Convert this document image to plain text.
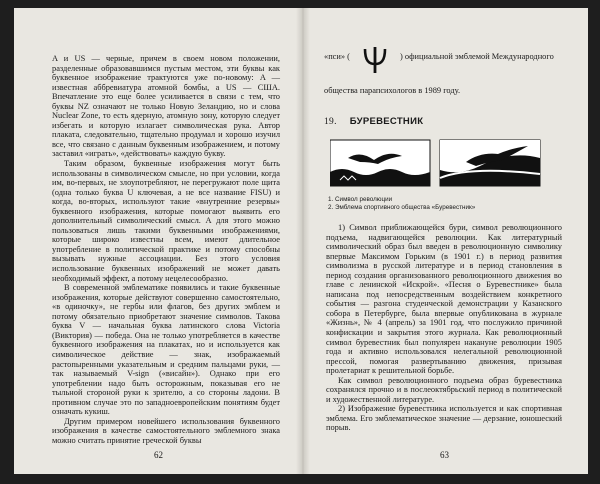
A и US — черные, причем в своем новом положении, разделенные образовавшимся пустым местом, эти буквы как буквенное изображение трактуются уже по-новому: A — известная аббревиатура атомной бомбы, a US — США. Впечатление это еще более усиливается в связи с тем, что буквы NZ означают не только Новую Зеландию, но и слова Nuclear Zone, то есть ядерную, атомную зону, которую следует избегать и которую излагает символическая рука. Автор плаката, следовательно, тщательно продумал и хорошо изучил все, что связано с данным буквенным изображением, и потому заставил «играть», «действовать» каждую букву.

Таким образом, буквенные изображения могут быть использованы в символическом смысле, но при условии, когда им, во-первых, не злоупотребляют, не перегружают поле щита (одна только буква U ключевая, а не все название FISU) и когда, во-вторых, используют такие «внутренние резервы» буквенного изображения, которые помогают выявить его дополнительный символический смысл. А для этого можно пользоваться лишь такими буквенными изображениями, которые широко известны всем, имеют длительное употребление в политической практике и потому способны вызывать нужные ассоциации. Без этого условия использование буквенных изображений не может давать необходимый эффект, а потому нецелесообразно.

В современной эмблематике появились и такие буквенные изображения, которые действуют совершенно самостоятельно, «в одиночку», не гербы или флагов, без других эмблем и потому обязательно приобретают значение символов. Такова буква V — начальная буква латинского слова Victoria (Виктория) — победа. Она не только употребляется в качестве буквенного изображения на плакатах, но и используется как символическое действие — знак, изображаемый растопыренными указательным и средним пальцами руки, — так называемый V-sign («висайн»). Однако при его употреблении надо быть осторожным, показывая его не тыльной стороной руки к зрителю, а со стороны ладони. В противном случае это по западноевропейским понятиям будет означать кукиш.

Другим примером новейшего использования буквенного изображения в качестве самостоятельного эмблемного знака можно считать принятие греческой буквы

62
«пси» (	) официальной эмблемой Международного
общества парапсихологов в 1989 году.
19. БУРЕВЕСТНИК
1. Символ революции
2. Эмблема спортивного общества «Буревестник»

1) Символ приближающейся бури, символ революционного подъема, надвигающейся революции. Как литературный символический образ был введен в революционную символику впервые Максимом Горьким (в 1901 г.) в период развития символизма в русской литературе и в период становления в период создания организованного революционного движения во главе с ленинской «Искрой». «Песня о Буревестнике» была написана под непосредственным воздействием конкретного события — разгона студенческой демонстрации у Казанского собора в Петербурге, была впервые опубликована в журнале «Жизнь», № 4 (апрель) за 1901 год, что послужило причиной конфискации и закрытия этого журнала. Как революционный символ буревестник был популярен накануне революции 1905 года и активно использовался нелегальной революционной прессой, помогая развертыванию движения, призывая пролетариат к решительной борьбе.

Как символ революционного подъема образ буревестника сохранялся прочно и в послеоктябрьский период в политической и художественной литературе.

2) Изображение буревестника используется и как спортивная эмблема. Его эмблематическое значение — дерзание, юношеский порыв.

63
